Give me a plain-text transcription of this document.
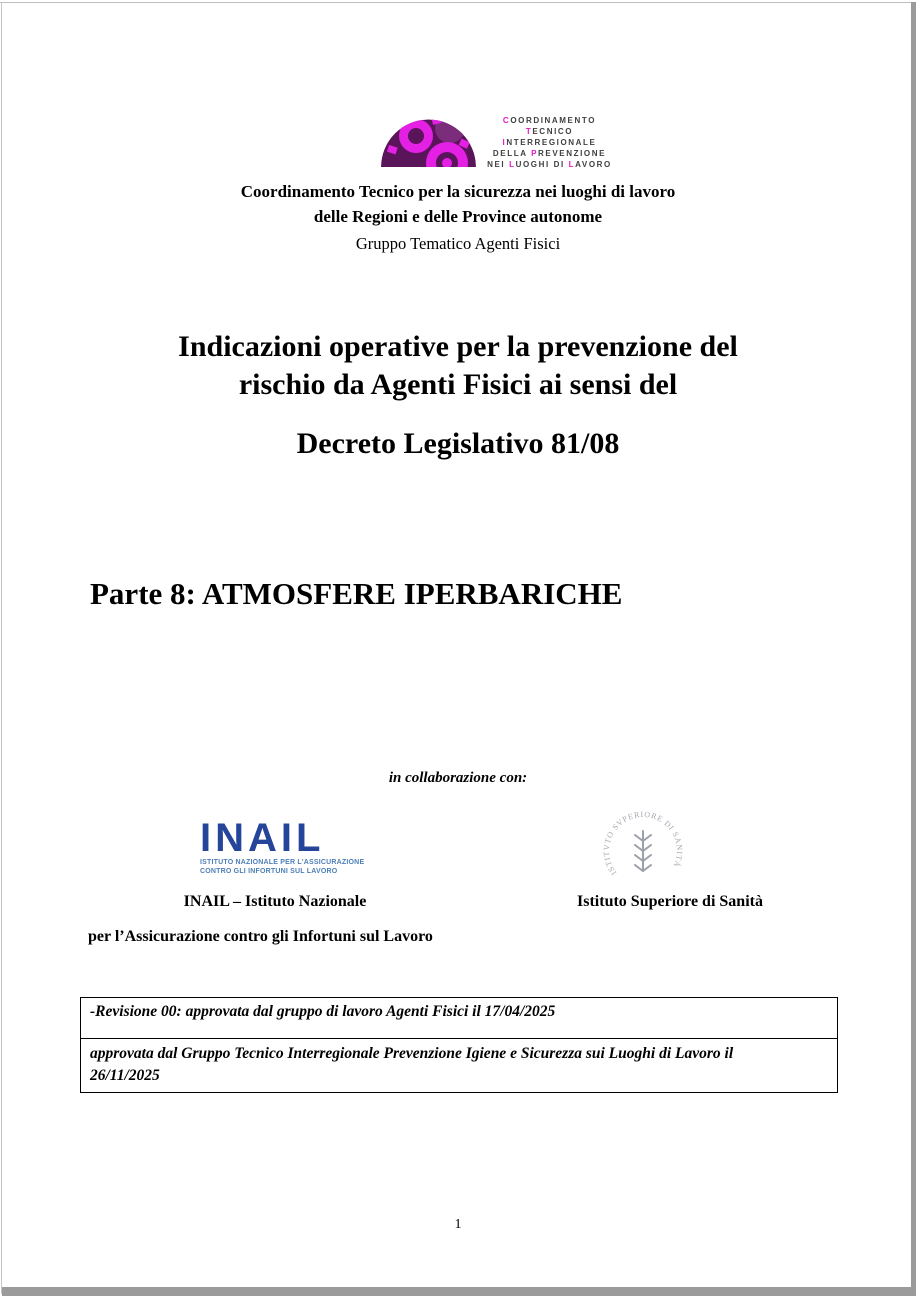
COORDINAMENTO
TECNICO
INTERREGIONALE
DELLA PREVENZIONE
NEI LUOGHI DI LAVORO
Coordinamento Tecnico per la sicurezza nei luoghi di lavoro
delle Regioni e delle Province autonome
Gruppo Tematico Agenti Fisici
Indicazioni operative per la prevenzione del
rischio da Agenti Fisici ai sensi del
Decreto Legislativo 81/08
Parte 8: ATMOSFERE IPERBARICHE
in collaborazione con:
INAIL
ISTITUTO NAZIONALE PER L'ASSICURAZIONE
CONTRO GLI INFORTUNI SUL LAVORO	ISTITVTO SVPERIORE DI SANITÀ
INAIL – Istituto Nazionale	Istituto Superiore di Sanità
per l’Assicurazione contro gli Infortuni sul Lavoro
-Revisione 00: approvata dal gruppo di lavoro Agenti Fisici il 17/04/2025
approvata dal Gruppo Tecnico Interregionale Prevenzione Igiene e Sicurezza sui Luoghi di Lavoro il
26/11/2025
1
